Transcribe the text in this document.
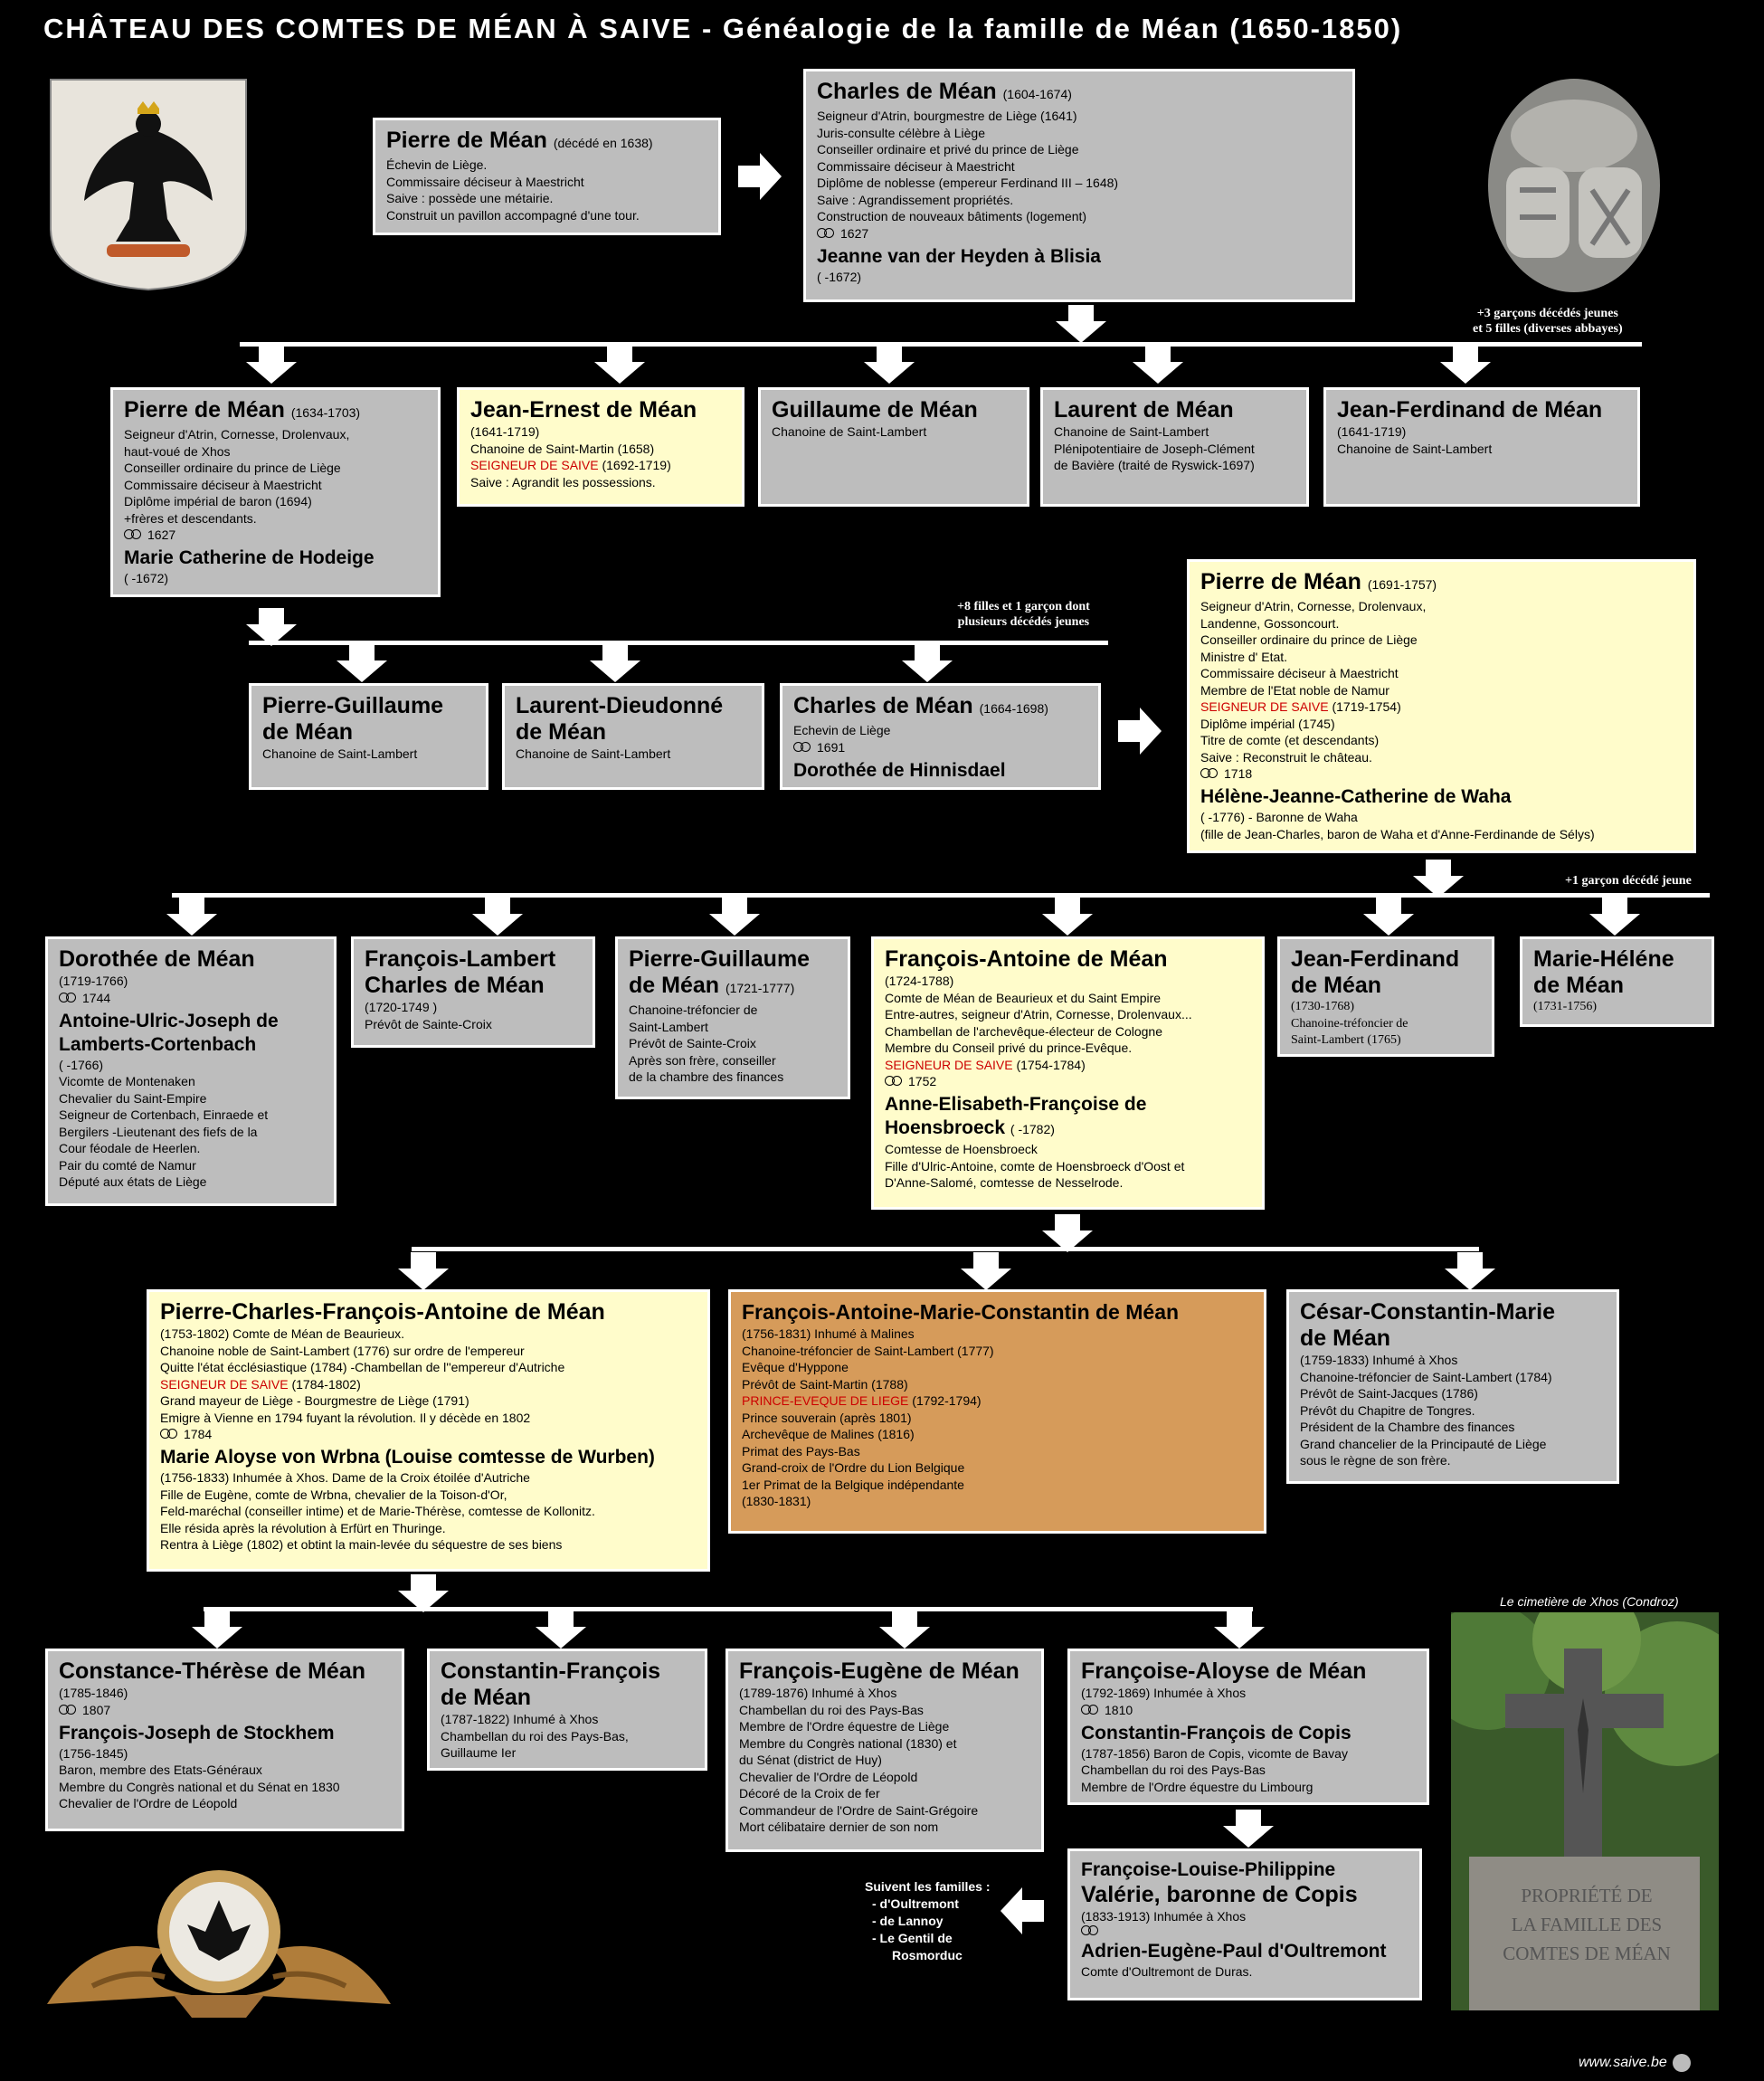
CHÂTEAU DES COMTES DE MÉAN À SAIVE - Généalogie de la famille de Méan (1650-1850)
Le cimetière de Xhos (Condroz)
PROPRIÉTÉ DE
LA FAMILLE DES
COMTES DE MÉAN
+3 garçons décédés jeunes
et 5 filles (diverses abbayes)
+8 filles et 1 garçon dont
plusieurs décédés jeunes
+1 garçon décédé jeune
Pierre de Méan (décédé en 1638)
Échevin de Liège.
Commissaire déciseur à Maestricht
Saive : possède une métairie.
Construit un pavillon accompagné d'une tour.
Charles de Méan (1604-1674)
Seigneur d'Atrin, bourgmestre de Liège (1641)
Juris-consulte célèbre à Liège
Conseiller ordinaire et privé du prince de Liège
Commissaire déciseur à Maestricht
Diplôme de noblesse (empereur Ferdinand III – 1648)
Saive : Agrandissement propriétés.
Construction de nouveaux bâtiments (logement)
1627
Jeanne van der Heyden à Blisia
( -1672)
Pierre de Méan (1634-1703)
Seigneur d'Atrin, Cornesse, Drolenvaux,
haut-voué de Xhos
Conseiller ordinaire du prince de Liège
Commissaire déciseur à Maestricht
Diplôme impérial de baron (1694)
+frères et descendants.
1627
Marie Catherine de Hodeige
( -1672)
Jean-Ernest de Méan
(1641-1719)
Chanoine de Saint-Martin (1658)
SEIGNEUR DE SAIVE (1692-1719)
Saive : Agrandit les possessions.
Guillaume de Méan
Chanoine de Saint-Lambert
Laurent de Méan
Chanoine de Saint-Lambert
Plénipotentiaire de Joseph-Clément
de Bavière (traité de Ryswick-1697)
Jean-Ferdinand de Méan
(1641-1719)
Chanoine de Saint-Lambert
Pierre-Guillaume
de Méan
Chanoine de Saint-Lambert
Laurent-Dieudonné
de Méan
Chanoine de Saint-Lambert
Charles de Méan (1664-1698)
Echevin de Liège
1691
Dorothée de Hinnisdael
Pierre de Méan (1691-1757)
Seigneur d'Atrin, Cornesse, Drolenvaux,
Landenne, Gossoncourt.
Conseiller ordinaire du prince de Liège
Ministre d' Etat.
Commissaire déciseur à Maestricht
Membre de l'Etat noble de Namur
SEIGNEUR DE SAIVE (1719-1754)
Diplôme impérial (1745)
Titre de comte (et descendants)
Saive : Reconstruit le château.
1718
Hélène-Jeanne-Catherine de Waha
( -1776) - Baronne de Waha
(fille de Jean-Charles, baron de Waha et d'Anne-Ferdinande de Sélys)
Dorothée de Méan
(1719-1766)
1744
Antoine-Ulric-Joseph de Lamberts-Cortenbach
( -1766)
Vicomte de Montenaken
Chevalier du Saint-Empire
Seigneur de Cortenbach, Einraede et
Bergilers -Lieutenant des fiefs de la
Cour féodale de Heerlen.
Pair du comté de Namur
Député aux états de Liège
François-Lambert Charles de Méan
(1720-1749 )
Prévôt de Sainte-Croix
Pierre-Guillaume
de Méan (1721-1777)
Chanoine-tréfoncier de
Saint-Lambert
Prévôt de Sainte-Croix
Après son frère, conseiller
de la chambre des finances
François-Antoine de Méan
(1724-1788)
Comte de Méan de Beaurieux et du Saint Empire
Entre-autres, seigneur d'Atrin, Cornesse, Drolenvaux...
Chambellan de l'archevêque-électeur de Cologne
Membre du Conseil privé du prince-Evêque.
SEIGNEUR DE SAIVE (1754-1784)
1752
Anne-Elisabeth-Françoise de
Hoensbroeck ( -1782)
Comtesse de Hoensbroeck
Fille d'Ulric-Antoine, comte de Hoensbroeck d'Oost et
D'Anne-Salomé, comtesse de Nesselrode.
Jean-Ferdinand
de Méan
(1730-1768)
Chanoine-tréfoncier de
Saint-Lambert (1765)
Marie-Héléne
de Méan
(1731-1756)
Pierre-Charles-François-Antoine de Méan
(1753-1802) Comte de Méan de Beaurieux.
Chanoine noble de Saint-Lambert (1776) sur ordre de l'empereur
Quitte l'état écclésiastique (1784) -Chambellan de l''empereur d'Autriche
SEIGNEUR DE SAIVE (1784-1802)
Grand mayeur de Liège - Bourgmestre de Liège (1791)
Emigre à Vienne en 1794 fuyant la révolution. Il y décède en 1802
1784
Marie Aloyse von Wrbna (Louise comtesse de Wurben)
(1756-1833) Inhumée à Xhos. Dame de la Croix étoilée d'Autriche
Fille de Eugène, comte de Wrbna, chevalier de la Toison-d'Or,
Feld-maréchal (conseiller intime) et de Marie-Thérèse, comtesse de Kollonitz.
Elle résida après la révolution à Erfürt en Thuringe.
Rentra à Liège (1802) et obtint la main-levée du séquestre de ses biens
François-Antoine-Marie-Constantin de Méan
(1756-1831) Inhumé à Malines
Chanoine-tréfoncier de Saint-Lambert (1777)
Evêque d'Hyppone
Prévôt de Saint-Martin (1788)
PRINCE-EVEQUE DE LIEGE (1792-1794)
Prince souverain (après 1801)
Archevêque de Malines (1816)
Primat des Pays-Bas
Grand-croix de l'Ordre du Lion Belgique
1er Primat de la Belgique indépendante
(1830-1831)
César-Constantin-Marie
de Méan
(1759-1833) Inhumé à Xhos
Chanoine-tréfoncier de Saint-Lambert (1784)
Prévôt de Saint-Jacques (1786)
Prévôt du Chapitre de Tongres.
Président de la Chambre des finances
Grand chancelier de la Principauté de Liège
sous le règne de son frère.
Constance-Thérèse de Méan
(1785-1846)
1807
François-Joseph de Stockhem
(1756-1845)
Baron, membre des Etats-Généraux
Membre du Congrès national et du Sénat en 1830
Chevalier de l'Ordre de Léopold
Constantin-François
de Méan
(1787-1822) Inhumé à Xhos
Chambellan du roi des Pays-Bas,
Guillaume Ier
François-Eugène de Méan
(1789-1876) Inhumé à Xhos
Chambellan du roi des Pays-Bas
Membre de l'Ordre équestre de Liège
Membre du Congrès national (1830) et
du Sénat (district de Huy)
Chevalier de l'Ordre de Léopold
Décoré de la Croix de fer
Commandeur de l'Ordre de Saint-Grégoire
Mort célibataire dernier de son nom
Françoise-Aloyse de Méan
(1792-1869) Inhumée à Xhos
1810
Constantin-François de Copis
(1787-1856) Baron de Copis, vicomte de Bavay
Chambellan du roi des Pays-Bas
Membre de l'Ordre équestre du Limbourg
Françoise-Louise-Philippine
Valérie, baronne de Copis
(1833-1913) Inhumée à Xhos
Adrien-Eugène-Paul d'Oultremont
Comte d'Oultremont de Duras.
Suivent les familles :
- d'Oultremont
- de Lannoy
- Le Gentil de
Rosmorduc
www.saive.be
